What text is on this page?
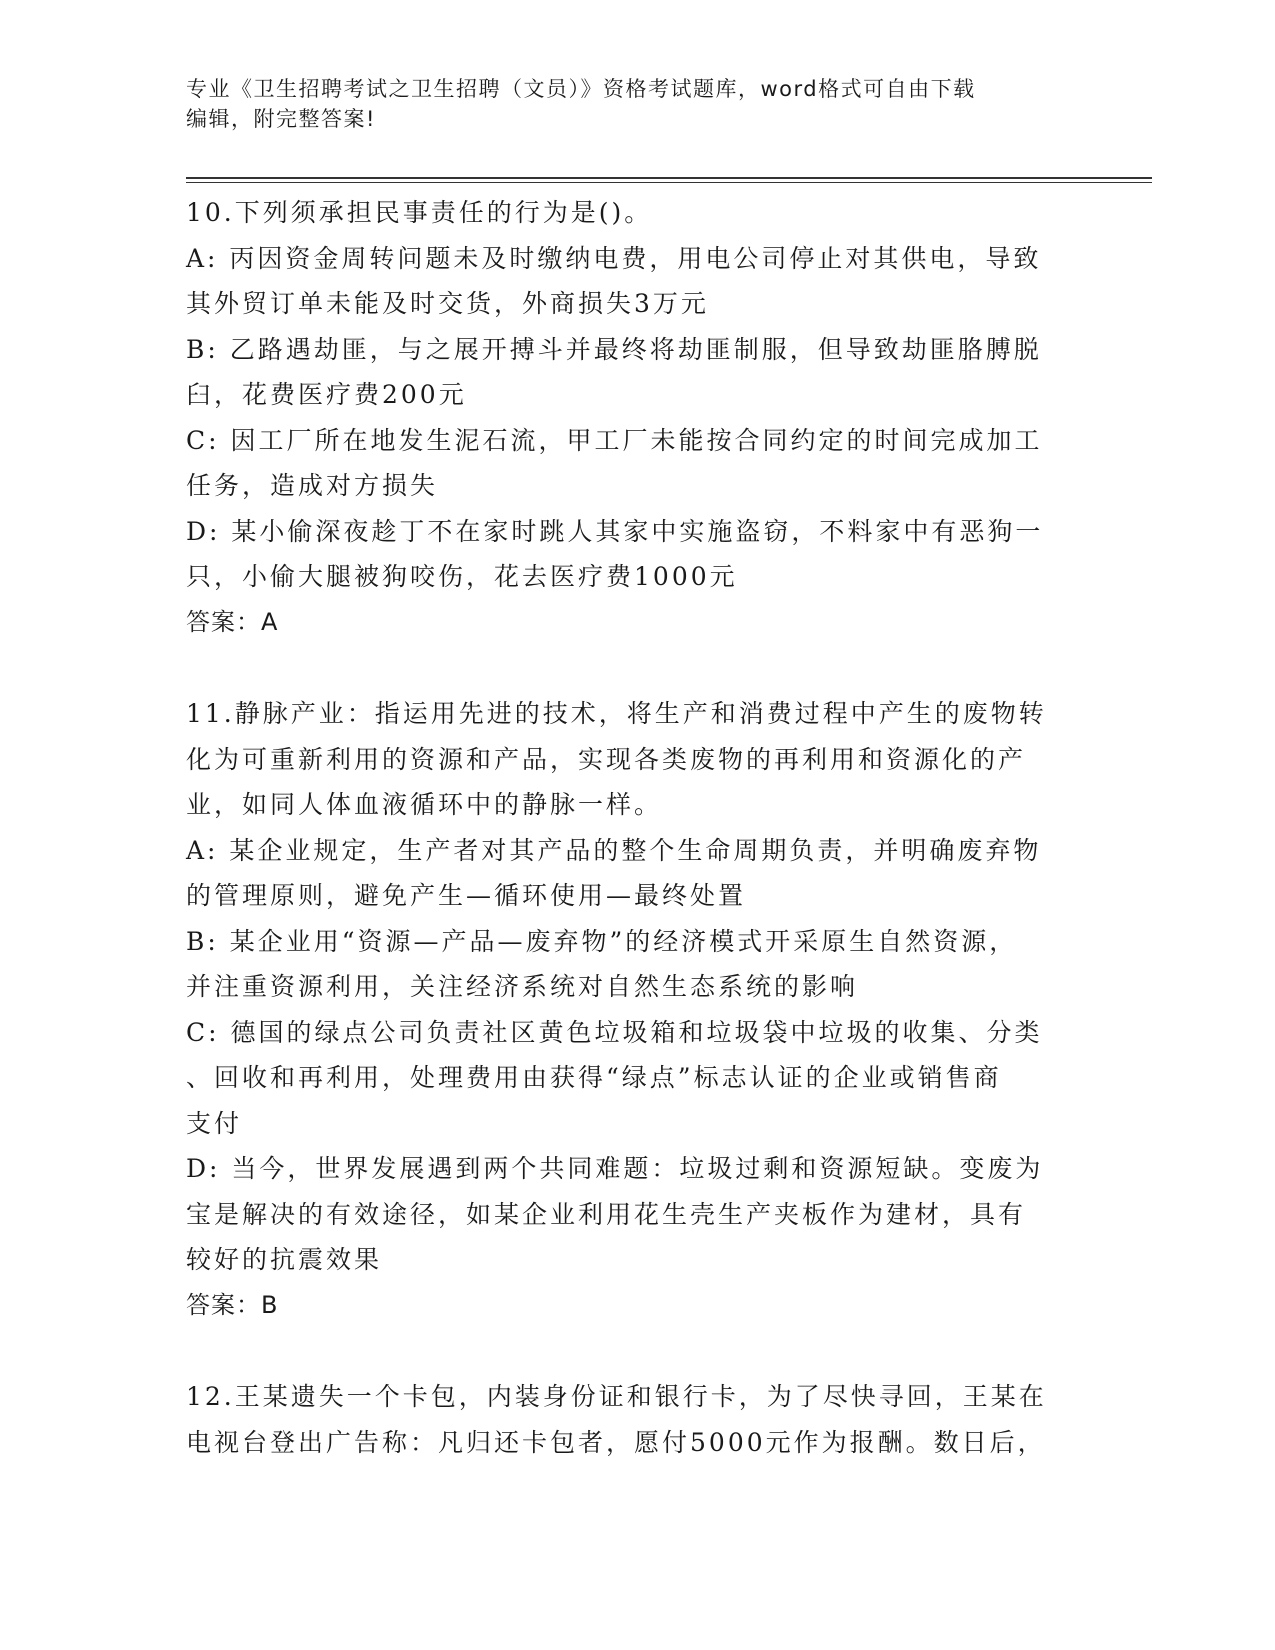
专业《卫生招聘考试之卫生招聘（文员）》资格考试题库，word格式可自由下载
编辑，附完整答案!

10.下列须承担民事责任的行为是()。

A: 丙因资金周转问题未及时缴纳电费，用电公司停止对其供电，导致

其外贸订单未能及时交货，外商损失3万元

B: 乙路遇劫匪，与之展开搏斗并最终将劫匪制服，但导致劫匪胳膊脱

臼，花费医疗费200元

C: 因工厂所在地发生泥石流，甲工厂未能按合同约定的时间完成加工

任务，造成对方损失

D: 某小偷深夜趁丁不在家时跳人其家中实施盗窃，不料家中有恶狗一

只，小偷大腿被狗咬伤，花去医疗费1000元

答案：A

11.静脉产业：指运用先进的技术，将生产和消费过程中产生的废物转

化为可重新利用的资源和产品，实现各类废物的再利用和资源化的产

业，如同人体血液循环中的静脉一样。

A: 某企业规定，生产者对其产品的整个生命周期负责，并明确废弃物

的管理原则，避免产生—循环使用—最终处置

B: 某企业用“资源—产品—废弃物”的经济模式开采原生自然资源，

并注重资源利用，关注经济系统对自然生态系统的影响

C: 德国的绿点公司负责社区黄色垃圾箱和垃圾袋中垃圾的收集、分类

、回收和再利用，处理费用由获得“绿点”标志认证的企业或销售商

支付

D: 当今，世界发展遇到两个共同难题：垃圾过剩和资源短缺。变废为

宝是解决的有效途径，如某企业利用花生壳生产夹板作为建材，具有

较好的抗震效果

答案：B

12.王某遗失一个卡包，内装身份证和银行卡，为了尽快寻回，王某在

电视台登出广告称：凡归还卡包者，愿付5000元作为报酬。数日后，
